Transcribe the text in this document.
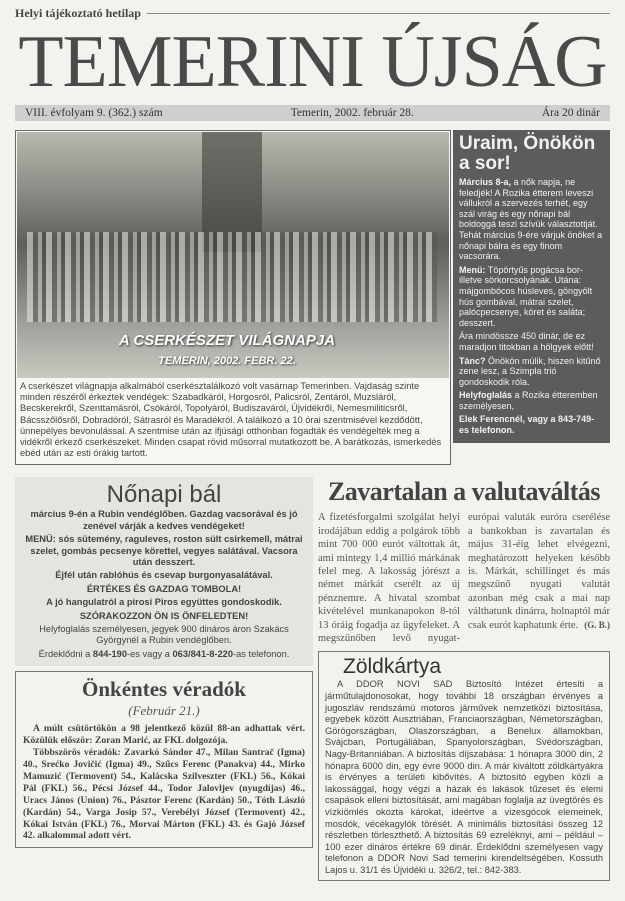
Helyi tájékoztató hetilap
TEMERINI ÚJSÁG
VIII. évfolyam 9. (362.) szám	Temerin, 2002. február 28.	Ára 20 dinár
A CSERKÉSZET VILÁGNAPJA
TEMERIN, 2002. FEBR. 22.
A cserkészet világnapja alkalmából cserkésztalálkozó volt vasárnap Temerinben. Vajdaság szinte minden részéről érkeztek vendégek: Szabadkáról, Horgosról, Palicsról, Zentáról, Muzsláról, Becskerekről, Szenttamásról, Csókáról, Topolyáról, Budiszaváról, Újvidékről, Nemesmiliticsről, Bácsszőlősről, Dobradóról, Sátrasról és Maradékról. A találkozó a 10 órai szentmisével kezdődött, ünnepélyes bevonulással. A szentmise után az ifjúsági otthonban fogadták és vendégelték meg a vidékről érkező cserkészeket. Minden csapat rövid műsorral mutatkozott be. A barátkozás, ismerkedés ebéd után az esti órákig tartott.
Uraim, Önökön a sor!

Március 8-a, a nők napja, ne feledjék! A Rozika étterem leveszi vállukról a szervezés terhét, egy szál virág és egy nőnapi bál boldoggá teszi szívük választottját. Tehát március 9-ére várjuk önöket a nőnapi bálra és egy finom vacsorára.

Menü: Töpörtyűs pogácsa bor- illetve sörkorcsolyának. Utána: májgombócos húsleves, göngyölt hús gombával, mátrai szelet, palócpecsenye, köret és saláta; desszert.

Ára mindössze 450 dinár, de ez maradjon titokban a hölgyek előtt!

Tánc? Önökön múlik, hiszen kitűnő zene lesz, a Szimpla trió gondoskodik róla.

Helyfoglalás a Rozika étteremben személyesen,

Elek Ferencnél, vagy a 843-749-es telefonon.

Nőnapi bál

március 9-én a Rubin vendéglőben. Gazdag vacsorával és jó zenével várják a kedves vendégeket!

MENÜ: sós sütemény, raguleves, roston sült csirkemell, mátrai szelet, gombás pecsenye körettel, vegyes salátával. Vacsora után desszert.

Éjfél után rablóhús és csevap burgonyasalátával.

ÉRTÉKES ÉS GAZDAG TOMBOLA!

A jó hangulatról a pirosi Piros együttes gondoskodik.

SZÓRAKOZZON ÖN IS ÖNFELEDTEN!

Helyfoglalás személyesen, jegyek 900 dináros áron Szakács Györgynél a Rubin vendéglőben.

Érdeklődni a 844-190-es vagy a 063/841-8-220-as telefonon.

Önkéntes véradók
(Február 21.)

A múlt csütörtökön a 98 jelentkező közül 88-an adhattak vért. Közülük először: Zoran Marić, az FKL dolgozója.

Többszörös véradók: Zavarkó Sándor 47., Milan Santrač (Igma) 40., Srećko Jovičić (Igma) 49., Szűcs Ferenc (Panakva) 44., Mirko Mamuzić (Termovent) 54., Kalácska Szilveszter (FKL) 56., Kókai Pál (FKL) 56., Pécsi József 44., Todor Jalovljev (nyugdíjas) 46., Uracs János (Union) 76., Pásztor Ferenc (Kardán) 50., Tóth László (Kardán) 54., Varga Josip 57., Verebélyi József (Termovent) 42., Kókai István (FKL) 76., Morvai Márton (FKL) 43. és Gajó József 42. alkalommal adott vért.

Zavartalan a valutaváltás
A fizetésforgalmi szolgálat helyi irodájában eddig a polgárok több mint 700 000 eurót váltottak át, ami mintegy 1,4 millió márkának felel meg. A lakosság jórészt a német márkát cserélt az új pénznemre. A hivatal szombat kivételével munkanapokon 8-tól 13 óráig fogadja az ügyfeleket. A megszűnőben levő nyugat-európai valuták euróra cserélése a bankokban is zavartalan és május 31-éig lehet elvégezni, meghatározott helyeken később is. Márkát, schillinget és más megszűnő nyugati valutát azonban még csak a mai nap válthatunk dinárra, holnaptól már csak eurót kaphatunk érte. (G. B.)
Zöldkártya

A DDOR NOVI SAD Biztosító Intézet értesíti a járműtulajdonosokat, hogy további 18 országban érvényes a jugoszláv rendszámú motoros járművek nemzetközi biztosítása, egyebek között Ausztriában, Franciaországban, Németországban, Görögországban, Olaszországban, a Benelux államokban, Svájcban, Portugáliában, Spanyolországban, Svédországban, Nagy-Britanniában. A biztosítás díjszabása: 1 hónapra 3000 din, 2 hónapra 6000 din, egy évre 9000 din. A már kiváltott zöldkártyákra is érvényes a területi kibővítés. A biztosító egyben közli a lakossággal, hogy végzi a házak és lakások tűzeset és elemi csapások elleni biztosítását, ami magában foglalja az üvegtörés és vízkiömlés okozta károkat, ideértve a vizesgócok elemeinek, mosdók, vécékagylók törését. A minimális biztosítási összeg 12 részletben törleszthető. A biztosítás 69 ezreléknyi, ami – például – 100 ezer dináros értékre 69 dinár. Érdeklődni személyesen vagy telefonon a DDOR Novi Sad temerini kirendeltségében. Kossuth Lajos u. 31/1 és Újvidéki u. 326/2, tel.: 842-383.
